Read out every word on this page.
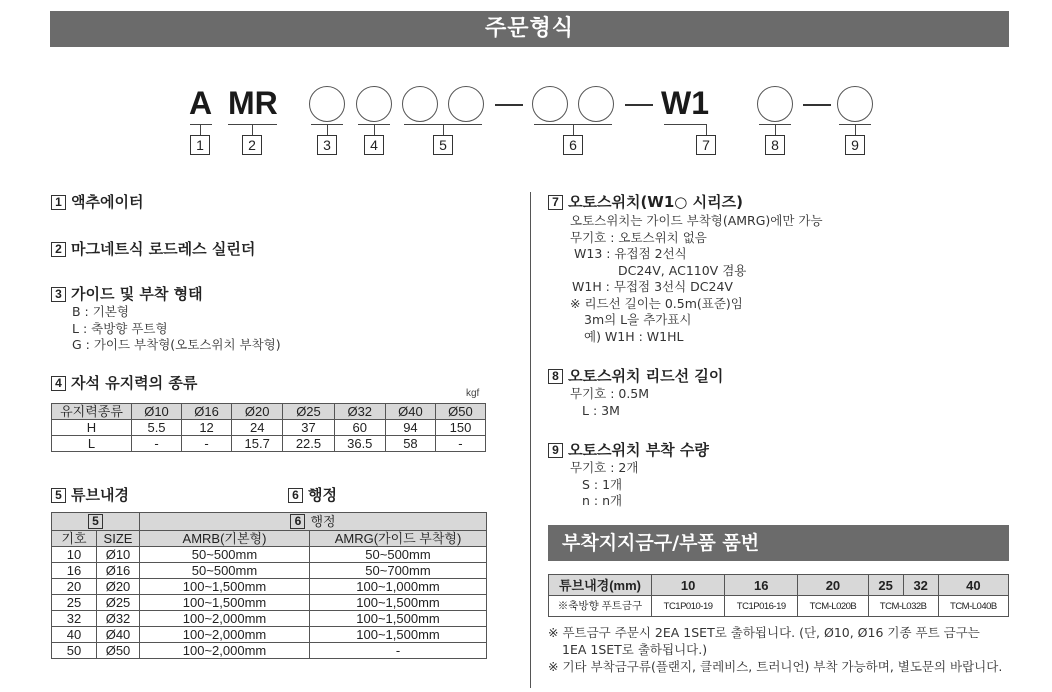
주문형식
A MR	W1
1	2	3	4	5	6	7	8	9
1 액추에이터
2 마그네트식 로드레스 실린더
3 가이드 및 부착 형태
B : 기본형
L : 축방향 푸트형
G : 가이드 부착형(오토스위치 부착형)
4 자석 유지력의 종류
kgf
유지력종류	Ø10	Ø16	Ø20	Ø25	Ø32	Ø40	Ø50
H	5.5	12	24	37	60	94	150
L	-	-	15.7	22.5	36.5	58	-
5 튜브내경	6 행정
5		6 행정	
기호	SIZE	AMRB(기본형)	AMRG(가이드 부착형)
10	Ø10	50~500mm	50~500mm
16	Ø16	50~500mm	50~700mm
20	Ø20	100~1,500mm	100~1,000mm
25	Ø25	100~1,500mm	100~1,500mm
32	Ø32	100~2,000mm	100~1,500mm
40	Ø40	100~2,000mm	100~1,500mm
50	Ø50	100~2,000mm	-
7 오토스위치(W1○ 시리즈)
오토스위치는 가이드 부착형(AMRG)에만 가능
무기호 : 오토스위치 없음
W13 : 유접점 2선식
DC24V, AC110V 겸용
W1H : 무접점 3선식 DC24V
※ 리드선 길이는 0.5m(표준)임
3m의 L을 추가표시
예) W1H : W1HL
8 오토스위치 리드선 길이
무기호 : 0.5M
L : 3M
9 오토스위치 부착 수량
무기호 : 2개
S : 1개
n : n개
부착지지금구/부품 품번
튜브내경(mm)	10	16	20	25	32	40
※축방향 푸트금구	TC1P010-19	TC1P016-19	TCM-L020B	TCM-L032B		TCM-L040B
※ 푸트금구 주문시 2EA 1SET로 출하됩니다. (단, Ø10, Ø16 기종 푸트 금구는
1EA 1SET로 출하됩니다.)
※ 기타 부착금구류(플랜지, 클레비스, 트러니언) 부착 가능하며, 별도문의 바랍니다.
